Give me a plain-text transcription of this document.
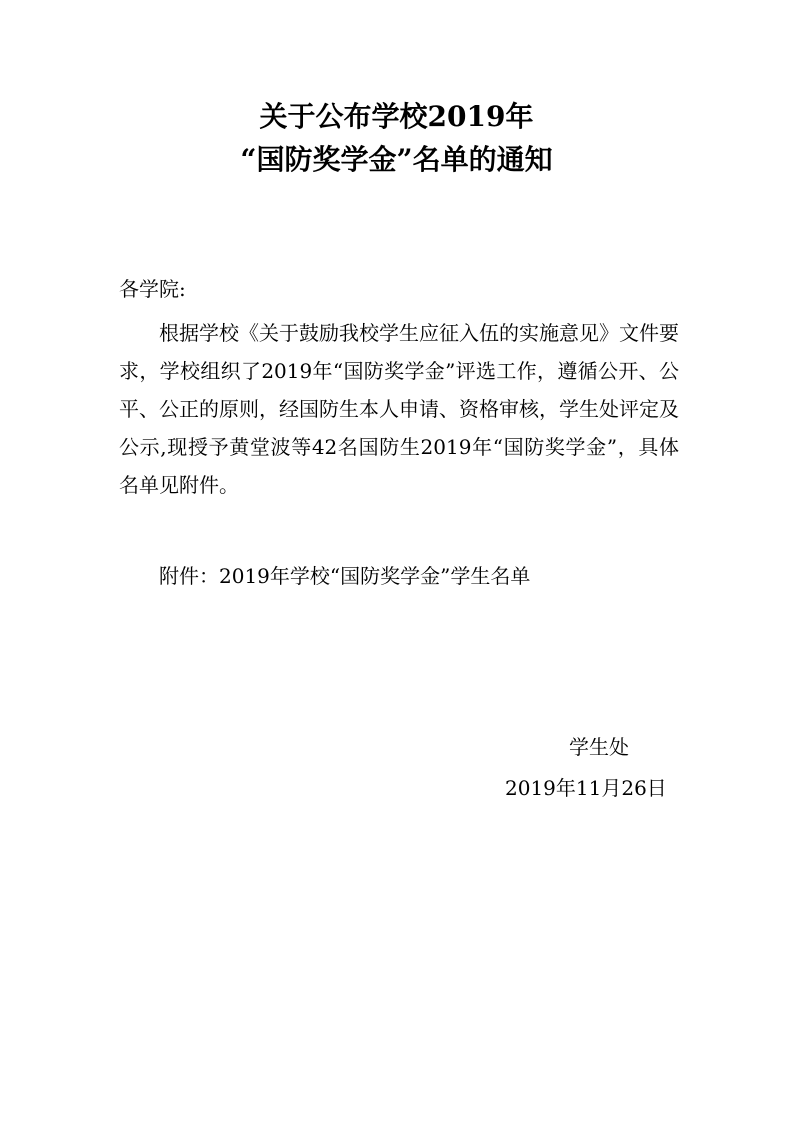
关于公布学校2019年
“国防奖学金”名单的通知
各学院:
根据学校《关于鼓励我校学生应征入伍的实施意见》文件要求，学校组织了2019年“国防奖学金”评选工作，遵循公开、公平、公正的原则，经国防生本人申请、资格审核，学生处评定及公示,现授予黄堂波等42名国防生2019年“国防奖学金”，具体名单见附件。
附件：2019年学校“国防奖学金”学生名单
学生处
2019年11月26日
